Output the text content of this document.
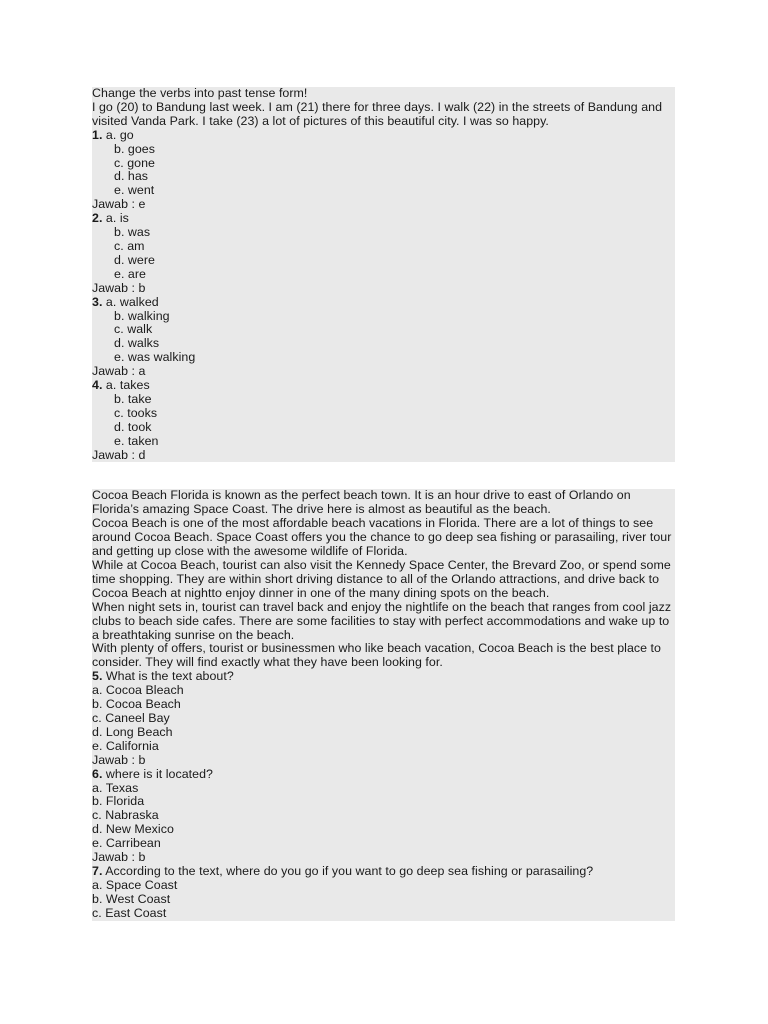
Change the verbs into past tense form!
I go (20) to Bandung last week. I am (21) there for three days. I walk (22) in the streets of Bandung and visited Vanda Park. I take (23) a lot of pictures of this beautiful city. I was so happy.
1. a. go
b. goes
c. gone
d. has
e. went
Jawab : e
2. a. is
b. was
c. am
d. were
e. are
Jawab : b
3. a. walked
b. walking
c. walk
d. walks
e. was walking
Jawab : a
4. a. takes
b. take
c. tooks
d. took
e. taken
Jawab : d
Cocoa Beach Florida is known as the perfect beach town. It is an hour drive to east of Orlando on Florida’s amazing Space Coast. The drive here is almost as beautiful as the beach.
Cocoa Beach is one of the most affordable beach vacations in Florida. There are a lot of things to see around Cocoa Beach. Space Coast offers you the chance to go deep sea fishing or parasailing, river tour and getting up close with the awesome wildlife of Florida.
While at Cocoa Beach, tourist can also visit the Kennedy Space Center, the Brevard Zoo, or spend some time shopping. They are within short driving distance to all of the Orlando attractions, and drive back to Cocoa Beach at nightto enjoy dinner in one of the many dining spots on the beach.
When night sets in, tourist can travel back and enjoy the nightlife on the beach that ranges from cool jazz clubs to beach side cafes. There are some facilities to stay with perfect accommodations and wake up to a breathtaking sunrise on the beach.
With plenty of offers, tourist or businessmen who like beach vacation, Cocoa Beach is the best place to consider. They will find exactly what they have been looking for.
5. What is the text about?
a. Cocoa Bleach
b. Cocoa Beach
c. Caneel Bay
d. Long Beach
e. California
Jawab : b
6. where is it located?
a. Texas
b. Florida
c. Nabraska
d. New Mexico
e. Carribean
Jawab : b
7. According to the text, where do you go if you want to go deep sea fishing or parasailing?
a. Space Coast
b. West Coast
c. East Coast
